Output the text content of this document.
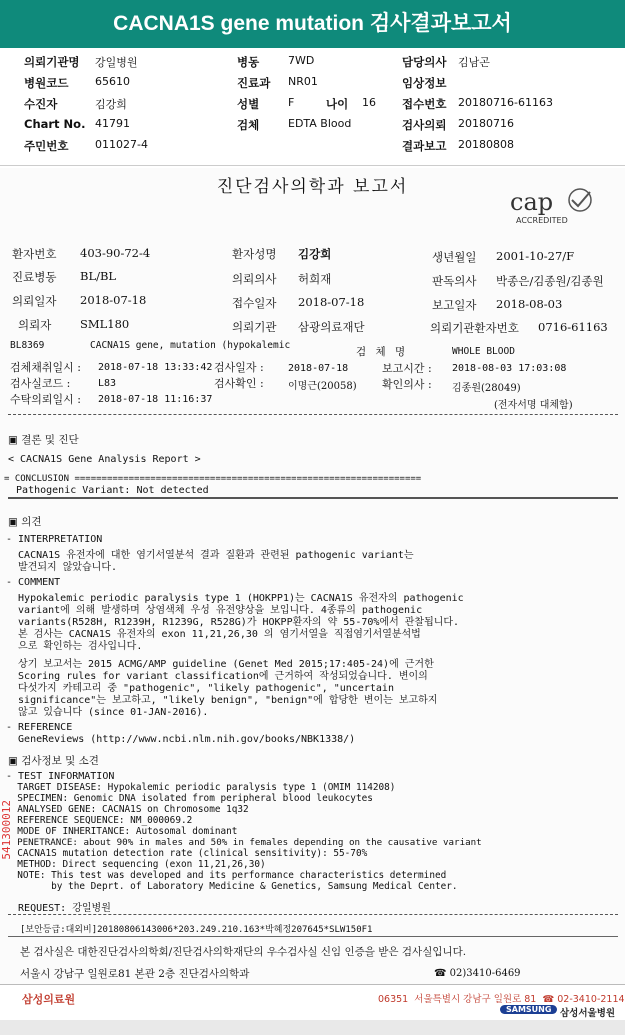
CACNA1S gene mutation 검사결과보고서
의뢰기관명 강일병원	병동	7WD	담당의사 김남곤
병원코드 65610	진료과 NR01	임상정보
수진자	김강희	성별	F	나이 16 접수번호 20180716-61163
Chart No. 41791	검체	EDTA Blood	검사의뢰 20180716
주민번호 011027-4	결과보고 20180808
진단검사의학과 보고서
cap
ACCREDITED
환자번호 403-90-72-4	환자성명 김강희	생년월일 2001-10-27/F
진료병동 BL/BL	의뢰의사 허희재	판독의사 박종은/김종원/김종원
의뢰일자 2018-07-18	접수일자 2018-07-18	보고일자 2018-08-03
의뢰자 SML180	의뢰기관 삼광의료재단	의뢰기관환자번호 0716-61163
BL8369	CACNA1S gene, mutation (hypokalemic
검 체 명	WHOLE BLOOD
검체채취일시 : 2018-07-18 13:33:42 검사일자 : 2018-07-18	보고시간 : 2018-08-03 17:03:08
검사실코드 :	L83	검사확인 : 이명근(20058) 확인의사 : 김종원(28049)
수탁의뢰일시 : 2018-07-18 11:16:37
(전자서명 대체함)
▣ 결론 및 진단
< CACNA1S Gene Analysis Report >
= CONCLUSION ================================================================
Pathogenic Variant: Not detected
▣ 의견
- INTERPRETATION
CACNA1S 유전자에 대한 염기서열분석 결과 질환과 관련된 pathogenic variant는
발견되지 않았습니다.
- COMMENT
Hypokalemic periodic paralysis type 1 (HOKPP1)는 CACNA1S 유전자의 pathogenic
variant에 의해 발생하며 상염색체 우성 유전양상을 보입니다. 4종류의 pathogenic
variants(R528H, R1239H, R1239G, R528G)가 HOKPP환자의 약 55-70%에서 관찰됩니다.
본 검사는 CACNA1S 유전자의 exon 11,21,26,30 의 염기서열을 직접염기서열분석법
으로 확인하는 검사입니다.
상기 보고서는 2015 ACMG/AMP guideline (Genet Med 2015;17:405-24)에 근거한
Scoring rules for variant classification에 근거하여 작성되었습니다. 변이의
다섯가지 카테고리 중 "pathogenic", "likely pathogenic", "uncertain
significance"는 보고하고, "likely benign", "benign"에 합당한 변이는 보고하지
않고 있습니다 (since 01-JAN-2016).
- REFERENCE
GeneReviews (http://www.ncbi.nlm.nih.gov/books/NBK1338/)
▣ 검사정보 및 소견
- TEST INFORMATION
TARGET DISEASE: Hypokalemic periodic paralysis type 1 (OMIM 114208)
SPECIMEN: Genomic DNA isolated from peripheral blood leukocytes
ANALYSED GENE: CACNA1S on Chromosome 1q32
REFERENCE SEQUENCE: NM_000069.2
MODE OF INHERITANCE: Autosomal dominant
PENETRANCE: about 90% in males and 50% in females depending on the causative variant
CACNA1S mutation detection rate (clinical sensitivity): 55-70%
METHOD: Direct sequencing (exon 11,21,26,30)
NOTE: This test was developed and its performance characteristics determined
by the Deprt. of Laboratory Medicine & Genetics, Samsung Medical Center.
REQUEST: 강일병원
[보안등급:대외비]20180806143006*203.249.210.163*박혜정207645*SLW150F1
본 검사실은 대한진단검사의학회/진단검사의학재단의 우수검사실 신임 인증을 받은 검사실입니다.
서울시 강남구 일원로81 본관 2층 진단검사의학과	☎ 02)3410-6469
541300012
삼성의료원	06351  서울특별시 강남구 일원로 81  ☎ 02-3410-2114
SAMSUNG 삼성서울병원
